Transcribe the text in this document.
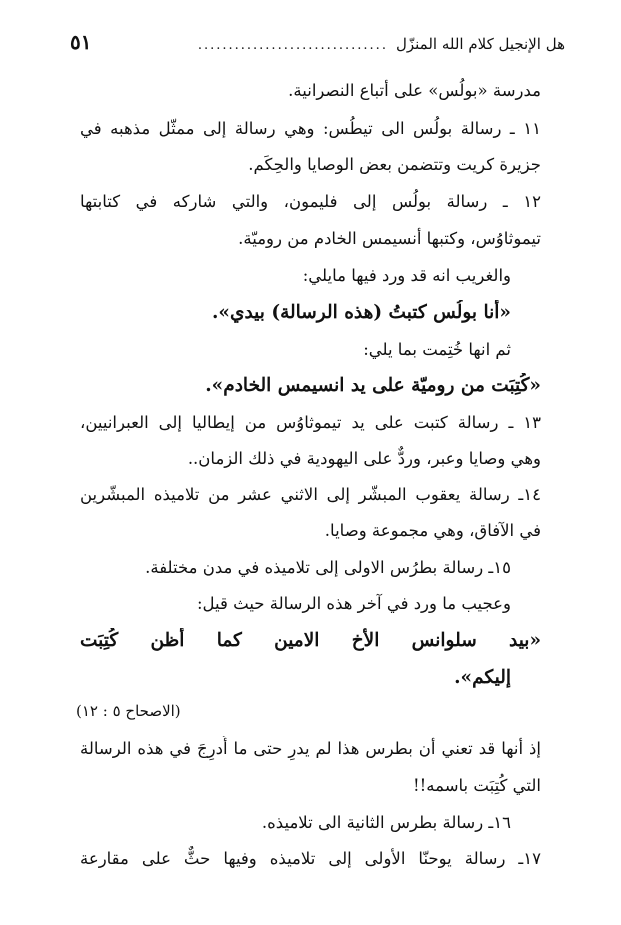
هل الإنجيل كلام الله المنزّل
...............................
٥١
مدرسة «بولُس» على أتباع النصرانية.
١١ ـ رسالة بولُس الى تيطُس: وهي رسالة إلى ممثّل مذهبه في
جزيرة كريت وتتضمن بعض الوصايا والحِكَم.
١٢ ـ رسالة بولُس إلى فليمون، والتي شاركه في كتابتها
تيموثاوُس، وكتبها أنسيمس الخادم من روميّة.
والغريب انه قد ورد فيها مايلي:
«أنا بولُس كتبتُ (هذه الرسالة) بيدي».
ثم انها خُتِمت بما يلي:
«كُتِبَت من روميّة على يد انسيمس الخادم».
١٣ ـ رسالة كتبت على يد تيموثاوُس من إيطاليا إلى العبرانيين،
وهي وصايا وعبر، وردٌّ على اليهودية في ذلك الزمان..
١٤ـ رسالة يعقوب المبشّر إلى الاثني عشر من تلاميذه المبشّرين
في الآفاق، وهي مجموعة وصايا.
١٥ـ رسالة بطرُس الاولى إلى تلاميذه في مدن مختلفة.
وعجيب ما ورد في آخر هذه الرسالة حيث قيل:
«بيد سلوانس الأخ الامين كما أظن كُتِبَت
إليكم».
(الاصحاح ٥ : ١٢)
إذ أنها قد تعني أن بطرس هذا لم يدرِ حتى ما أُدرِجَ في هذه الرسالة
التي كُتِبَت باسمه!!
١٦ـ رسالة بطرس الثانية الى تلاميذه.
١٧ـ رسالة يوحنّا الأولى إلى تلاميذه وفيها حثٌّ على مقارعة
